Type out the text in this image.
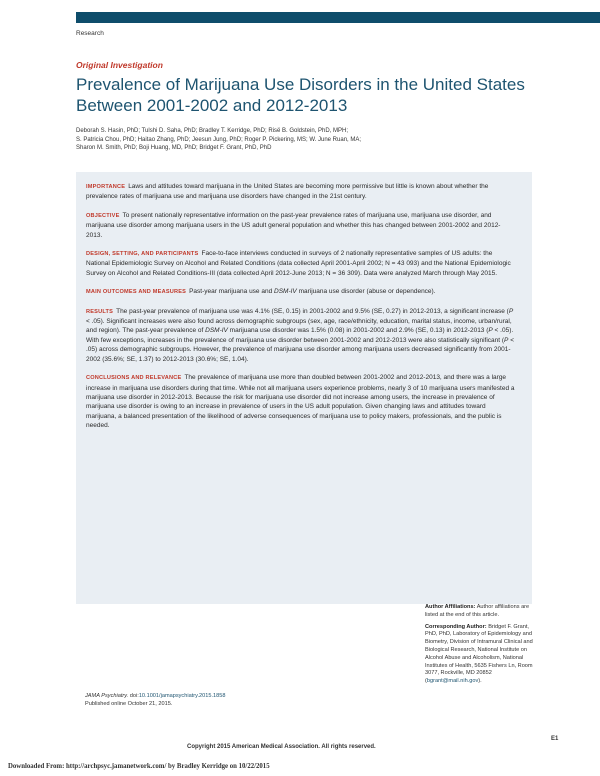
Research
Original Investigation
Prevalence of Marijuana Use Disorders in the United States Between 2001-2002 and 2012-2013
Deborah S. Hasin, PhD; Tulshi D. Saha, PhD; Bradley T. Kerridge, PhD; Risë B. Goldstein, PhD, MPH;
S. Patricia Chou, PhD; Haitao Zhang, PhD; Jeesun Jung, PhD; Roger P. Pickering, MS; W. June Ruan, MA;
Sharon M. Smith, PhD; Boji Huang, MD, PhD; Bridget F. Grant, PhD, PhD

IMPORTANCE Laws and attitudes toward marijuana in the United States are becoming more permissive but little is known about whether the prevalence rates of marijuana use and marijuana use disorders have changed in the 21st century.

OBJECTIVE To present nationally representative information on the past-year prevalence rates of marijuana use, marijuana use disorder, and marijuana use disorder among marijuana users in the US adult general population and whether this has changed between 2001-2002 and 2012-2013.

DESIGN, SETTING, AND PARTICIPANTS Face-to-face interviews conducted in surveys of 2 nationally representative samples of US adults: the National Epidemiologic Survey on Alcohol and Related Conditions (data collected April 2001-April 2002; N = 43 093) and the National Epidemiologic Survey on Alcohol and Related Conditions-III (data collected April 2012-June 2013; N = 36 309). Data were analyzed March through May 2015.

MAIN OUTCOMES AND MEASURES Past-year marijuana use and DSM-IV marijuana use disorder (abuse or dependence).

RESULTS The past-year prevalence of marijuana use was 4.1% (SE, 0.15) in 2001-2002 and 9.5% (SE, 0.27) in 2012-2013, a significant increase (P < .05). Significant increases were also found across demographic subgroups (sex, age, race/ethnicity, education, marital status, income, urban/rural, and region). The past-year prevalence of DSM-IV marijuana use disorder was 1.5% (0.08) in 2001-2002 and 2.9% (SE, 0.13) in 2012-2013 (P < .05). With few exceptions, increases in the prevalence of marijuana use disorder between 2001-2002 and 2012-2013 were also statistically significant (P < .05) across demographic subgroups. However, the prevalence of marijuana use disorder among marijuana users decreased significantly from 2001-2002 (35.6%; SE, 1.37) to 2012-2013 (30.6%; SE, 1.04).

CONCLUSIONS AND RELEVANCE The prevalence of marijuana use more than doubled between 2001-2002 and 2012-2013, and there was a large increase in marijuana use disorders during that time. While not all marijuana users experience problems, nearly 3 of 10 marijuana users manifested a marijuana use disorder in 2012-2013. Because the risk for marijuana use disorder did not increase among users, the increase in prevalence of marijuana use disorder is owing to an increase in prevalence of users in the US adult population. Given changing laws and attitudes toward marijuana, a balanced presentation of the likelihood of adverse consequences of marijuana use to policy makers, professionals, and the public is needed.

Author Affiliations: Author affiliations are listed at the end of this article.

Corresponding Author: Bridget F. Grant, PhD, PhD, Laboratory of Epidemiology and Biometry, Division of Intramural Clinical and Biological Research, National Institute on Alcohol Abuse and Alcoholism, National Institutes of Health, 5635 Fishers Ln, Room 3077, Rockville, MD 20852 (bgrant@mail.nih.gov).

JAMA Psychiatry. doi:10.1001/jamapsychiatry.2015.1858
Published online October 21, 2015.
Copyright 2015 American Medical Association. All rights reserved.
E1
Downloaded From: http://archpsyc.jamanetwork.com/ by Bradley Kerridge on 10/22/2015
